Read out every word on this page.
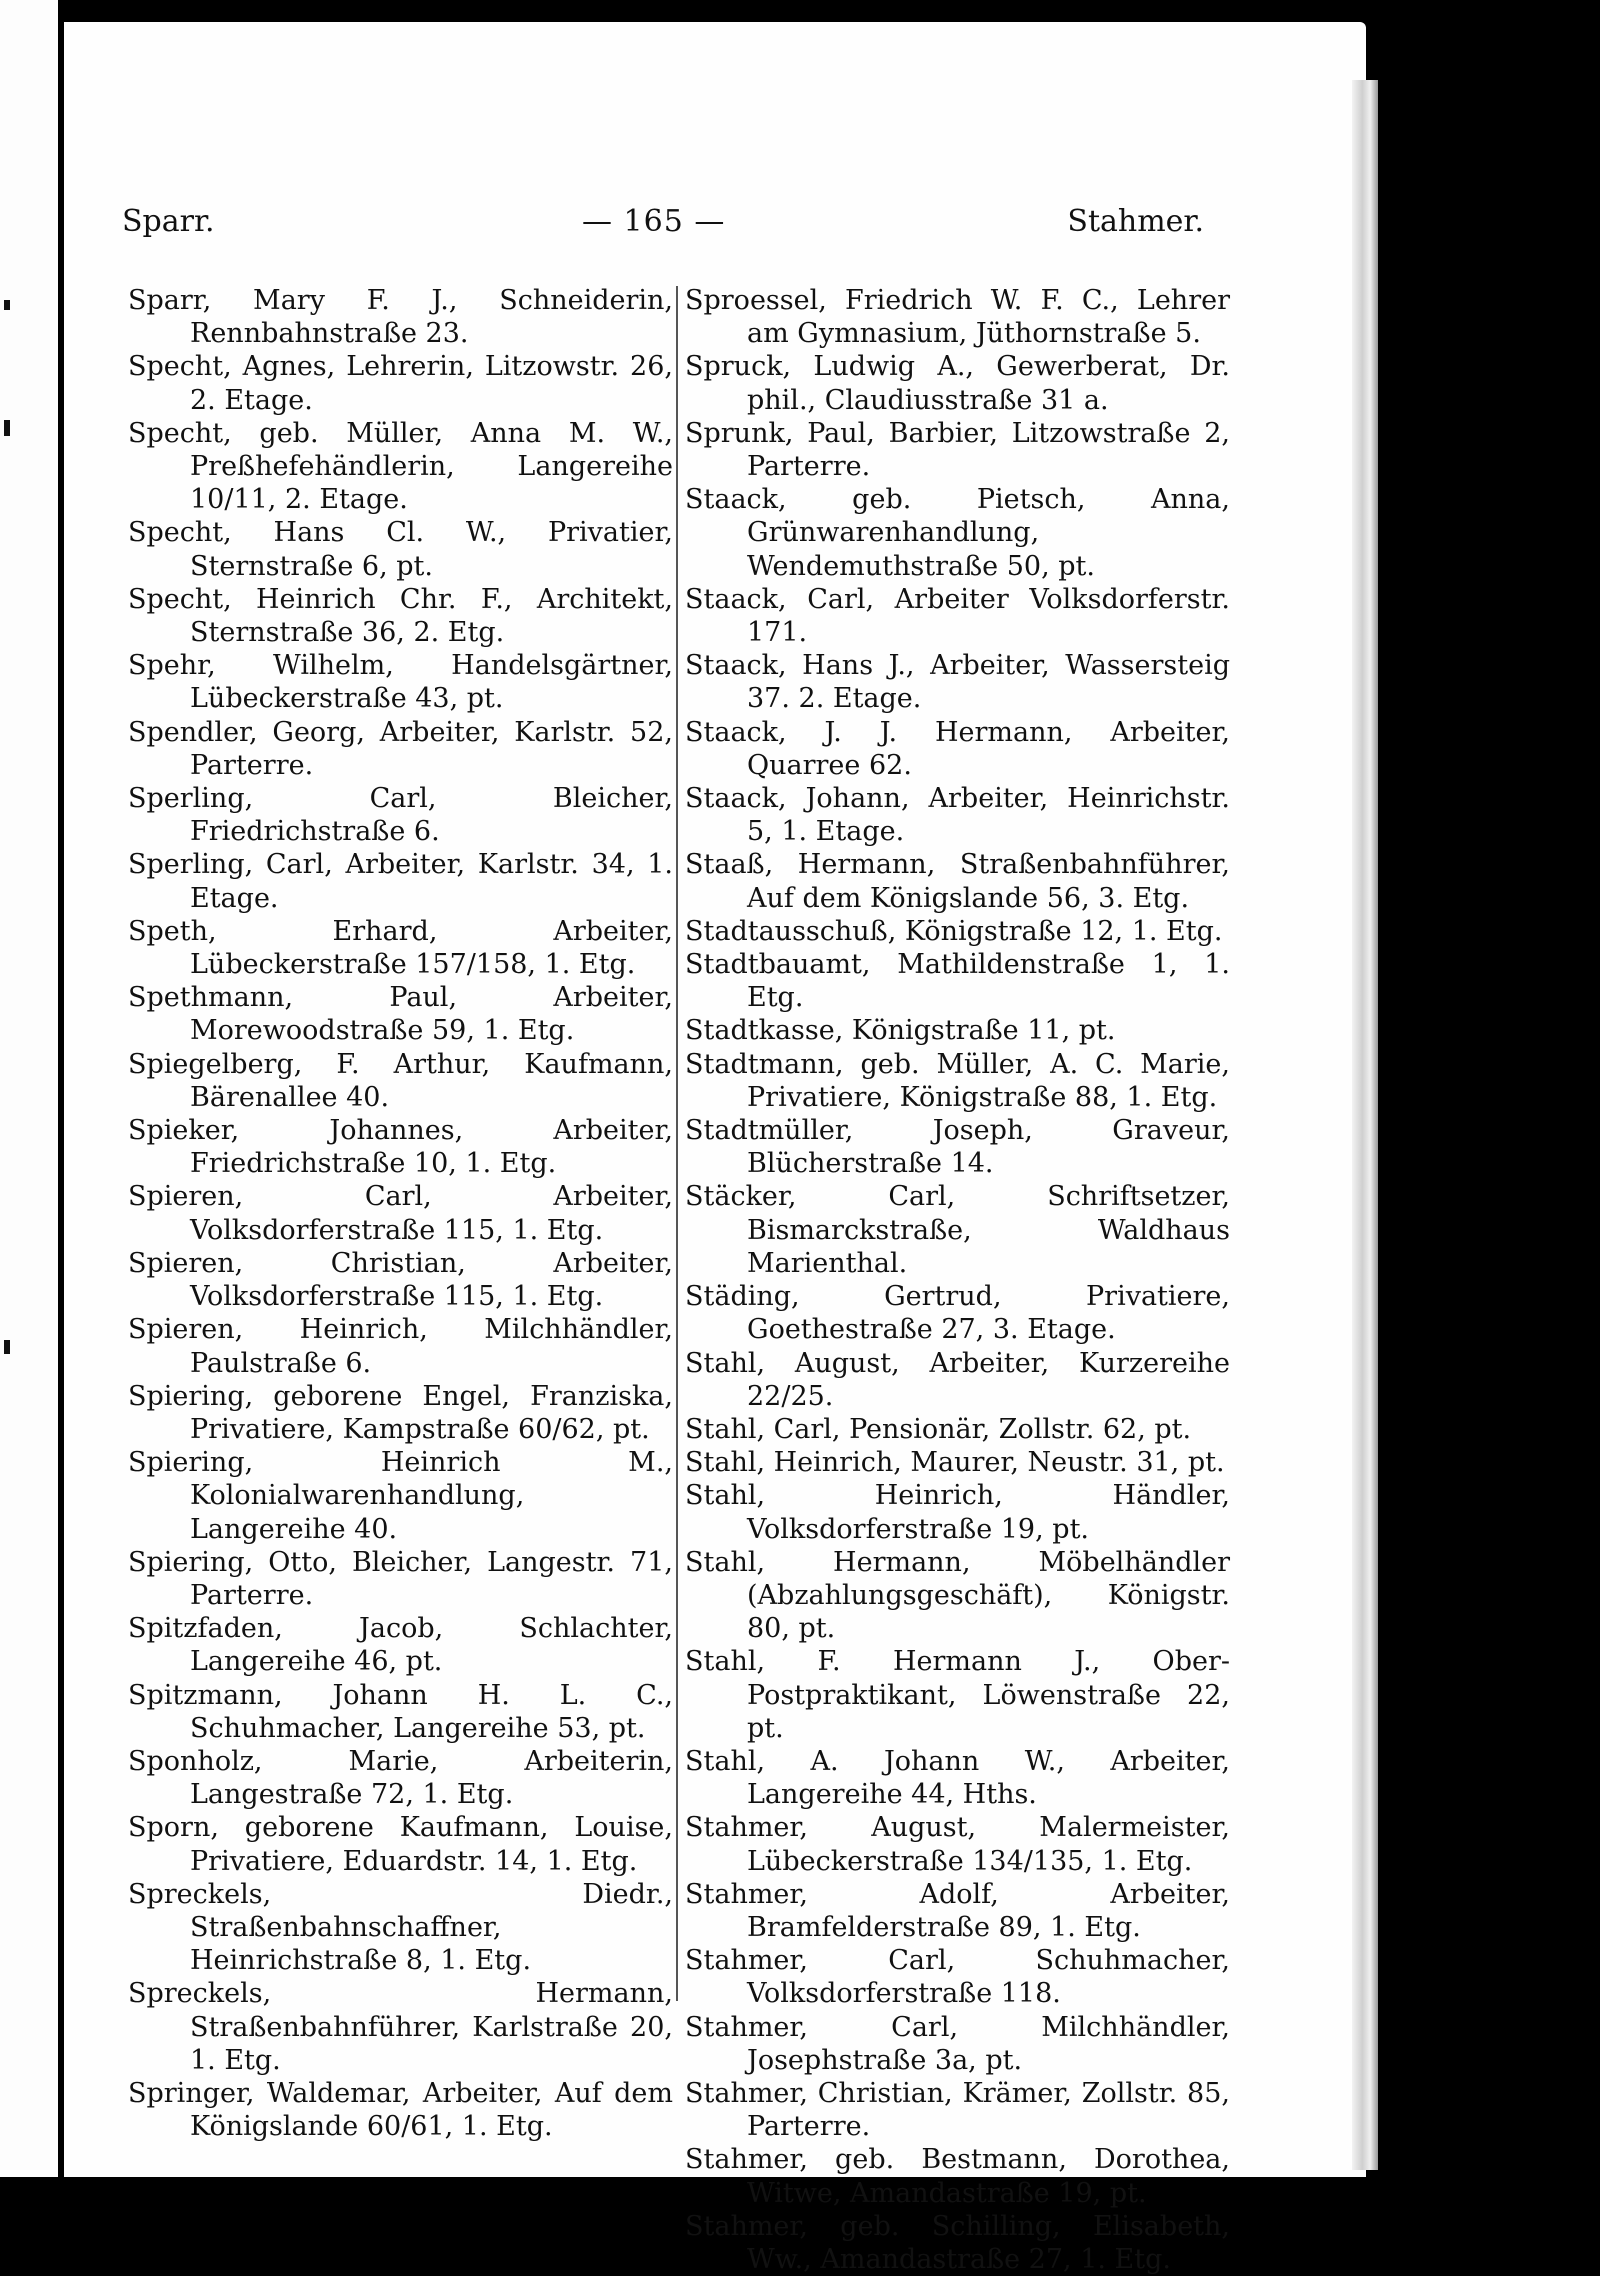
Sparr.	— 165 —	Stahmer.

Sparr, Mary F. J., Schneiderin, Rennbahnstraße 23.

Specht, Agnes, Lehrerin, Litzowstr. 26, 2. Etage.

Specht, geb. Müller, Anna M. W., Preßhefehändlerin, Langereihe 10/11, 2. Etage.

Specht, Hans Cl. W., Privatier, Sternstraße 6, pt.

Specht, Heinrich Chr. F., Architekt, Sternstraße 36, 2. Etg.

Spehr, Wilhelm, Handelsgärtner, Lübeckerstraße 43, pt.

Spendler, Georg, Arbeiter, Karlstr. 52, Parterre.

Sperling, Carl, Bleicher, Friedrichstraße 6.

Sperling, Carl, Arbeiter, Karlstr. 34, 1. Etage.

Speth, Erhard, Arbeiter, Lübeckerstraße 157/158, 1. Etg.

Spethmann, Paul, Arbeiter, Morewoodstraße 59, 1. Etg.

Spiegelberg, F. Arthur, Kaufmann, Bärenallee 40.

Spieker, Johannes, Arbeiter, Friedrichstraße 10, 1. Etg.

Spieren, Carl, Arbeiter, Volksdorferstraße 115, 1. Etg.

Spieren, Christian, Arbeiter, Volksdorferstraße 115, 1. Etg.

Spieren, Heinrich, Milchhändler, Paulstraße 6.

Spiering, geborene Engel, Franziska, Privatiere, Kampstraße 60/62, pt.

Spiering, Heinrich M., Kolonialwarenhandlung, Langereihe 40.

Spiering, Otto, Bleicher, Langestr. 71, Parterre.

Spitzfaden, Jacob, Schlachter, Langereihe 46, pt.

Spitzmann, Johann H. L. C., Schuhmacher, Langereihe 53, pt.

Sponholz, Marie, Arbeiterin, Langestraße 72, 1. Etg.

Sporn, geborene Kaufmann, Louise, Privatiere, Eduardstr. 14, 1. Etg.

Spreckels, Diedr., Straßenbahnschaffner, Heinrichstraße 8, 1. Etg.

Spreckels, Hermann, Straßenbahnführer, Karlstraße 20, 1. Etg.

Springer, Waldemar, Arbeiter, Auf dem Königslande 60/61, 1. Etg.

Sproessel, Friedrich W. F. C., Lehrer am Gymnasium, Jüthornstraße 5.

Spruck, Ludwig A., Gewerberat, Dr. phil., Claudiusstraße 31 a.

Sprunk, Paul, Barbier, Litzowstraße 2, Parterre.

Staack, geb. Pietsch, Anna, Grünwarenhandlung, Wendemuthstraße 50, pt.

Staack, Carl, Arbeiter Volksdorferstr. 171.

Staack, Hans J., Arbeiter, Wassersteig 37. 2. Etage.

Staack, J. J. Hermann, Arbeiter, Quarree 62.

Staack, Johann, Arbeiter, Heinrichstr. 5, 1. Etage.

Staaß, Hermann, Straßenbahnführer, Auf dem Königslande 56, 3. Etg.

Stadtausschuß, Königstraße 12, 1. Etg.

Stadtbauamt, Mathildenstraße 1, 1. Etg.

Stadtkasse, Königstraße 11, pt.

Stadtmann, geb. Müller, A. C. Marie, Privatiere, Königstraße 88, 1. Etg.

Stadtmüller, Joseph, Graveur, Blücherstraße 14.

Stäcker, Carl, Schriftsetzer, Bismarckstraße, Waldhaus Marienthal.

Städing, Gertrud, Privatiere, Goethestraße 27, 3. Etage.

Stahl, August, Arbeiter, Kurzereihe 22/25.

Stahl, Carl, Pensionär, Zollstr. 62, pt.

Stahl, Heinrich, Maurer, Neustr. 31, pt.

Stahl, Heinrich, Händler, Volksdorferstraße 19, pt.

Stahl, Hermann, Möbelhändler (Abzahlungsgeschäft), Königstr. 80, pt.

Stahl, F. Hermann J., Ober-Postpraktikant, Löwenstraße 22, pt.

Stahl, A. Johann W., Arbeiter, Langereihe 44, Hths.

Stahmer, August, Malermeister, Lübeckerstraße 134/135, 1. Etg.

Stahmer, Adolf, Arbeiter, Bramfelderstraße 89, 1. Etg.

Stahmer, Carl, Schuhmacher, Volksdorferstraße 118.

Stahmer, Carl, Milchhändler, Josephstraße 3a, pt.

Stahmer, Christian, Krämer, Zollstr. 85, Parterre.

Stahmer, geb. Bestmann, Dorothea, Witwe, Amandastraße 19, pt.

Stahmer, geb. Schilling, Elisabeth, Ww., Amandastraße 27, 1. Etg.
